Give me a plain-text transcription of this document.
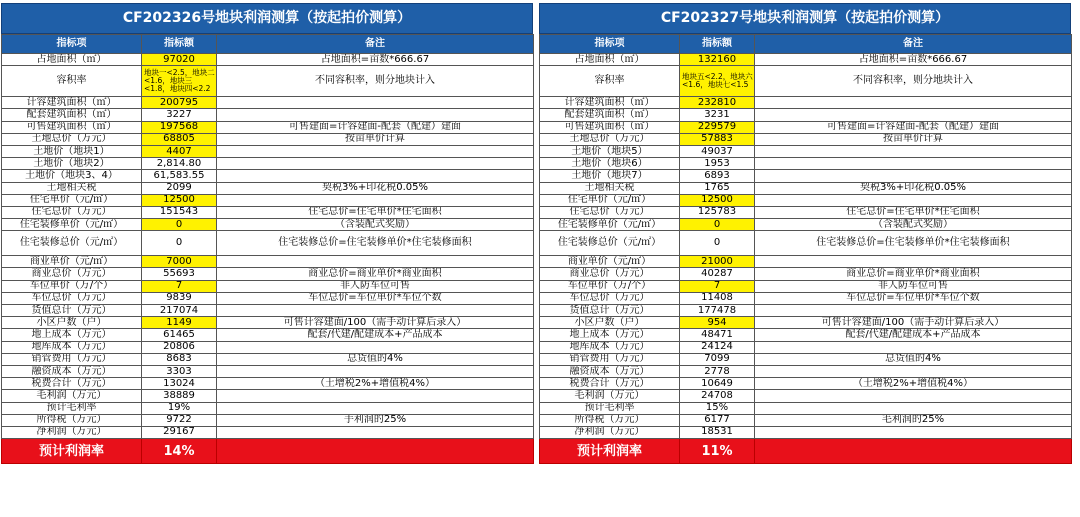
CF202326号地块利润测算（按起拍价测算）
指标项	指标额	备注
占地面积（㎡）	97020	占地面积=亩数*666.67
容积率	地块一<2.5，地块二<1.6，地块三<1.8，地块四<2.2	不同容积率，则分地块计入
计容建筑面积（㎡）	200795	
配套建筑面积（㎡）	3227	
可售建筑面积（㎡）	197568	可售建面=计容建面-配套（配建）建面
土地总价（万元）	68805	按亩单价计算
土地价（地块1）	4407	
土地价（地块2）	2,814.80	
土地价（地块3、4）	61,583.55	
土地相关税	2099	契税3%+印花税0.05%
住宅单价（元/㎡）	12500	
住宅总价（万元）	151543	住宅总价=住宅单价*住宅面积
住宅装修单价（元/㎡）	0	（含装配式奖励）
住宅装修总价（元/㎡）	0	住宅装修总价=住宅装修单价*住宅装修面积
商业单价（元/㎡）	7000	
商业总价（万元）	55693	商业总价=商业单价*商业面积
车位单价（万/个）	7	非人防车位可售
车位总价（万元）	9839	车位总价=车位单价*车位个数
货值总计（万元）	217074	
小区户数（户）	1149	可售计容建面/100（需手动计算后录入）
地上成本（万元）	61465	配套/代建/配建成本+产品成本
地库成本（万元）	20806	
销管费用（万元）	8683	总货值的4%
融资成本（万元）	3303	
税费合计（万元）	13024	（土增税2%+增值税4%）
毛利润（万元）	38889	
预计毛利率	19%	
所得税（万元）	9722	手利润的25%
净利润（万元）	29167	
预计利润率	14%	
CF202327号地块利润测算（按起拍价测算）
指标项	指标额	备注
占地面积（㎡）	132160	占地面积=亩数*666.67
容积率	地块五<2.2，地块六<1.6，地块七<1.5	不同容积率，则分地块计入
计容建筑面积（㎡）	232810	
配套建筑面积（㎡）	3231	
可售建筑面积（㎡）	229579	可售建面=计容建面-配套（配建）建面
土地总价（万元）	57883	按亩单价计算
土地价（地块5）	49037	
土地价（地块6）	1953	
土地价（地块7）	6893	
土地相关税	1765	契税3%+印花税0.05%
住宅单价（元/㎡）	12500	
住宅总价（万元）	125783	住宅总价=住宅单价*住宅面积
住宅装修单价（元/㎡）	0	（含装配式奖励）
住宅装修总价（元/㎡）	0	住宅装修总价=住宅装修单价*住宅装修面积
商业单价（元/㎡）	21000	
商业总价（万元）	40287	商业总价=商业单价*商业面积
车位单价（万/个）	7	非人防车位可售
车位总价（万元）	11408	车位总价=车位单价*车位个数
货值总计（万元）	177478	
小区户数（户）	954	可售计容建面/100（需手动计算后录入）
地上成本（万元）	48471	配套/代建/配建成本+产品成本
地库成本（万元）	24124	
销管费用（万元）	7099	总货值的4%
融资成本（万元）	2778	
税费合计（万元）	10649	（土增税2%+增值税4%）
毛利润（万元）	24708	
预计毛利率	15%	
所得税（万元）	6177	毛利润的25%
净利润（万元）	18531	
预计利润率	11%	
